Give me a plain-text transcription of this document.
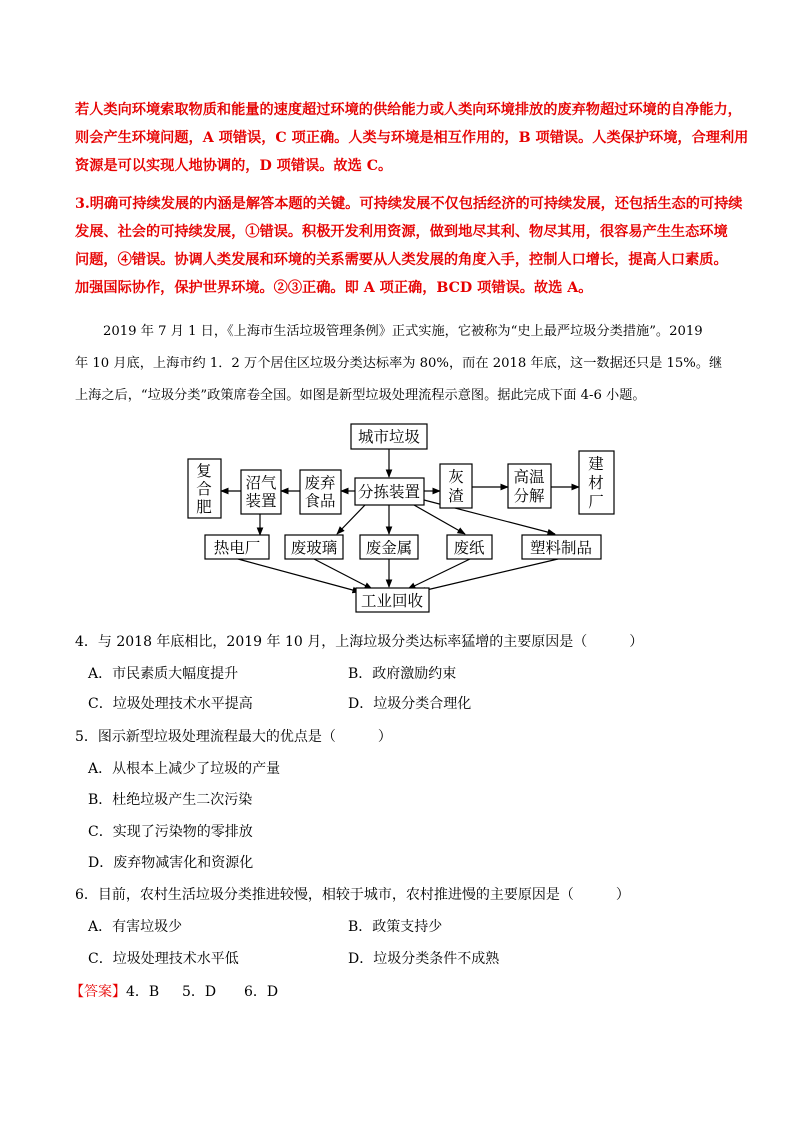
若人类向环境索取物质和能量的速度超过环境的供给能力或人类向环境排放的废弃物超过环境的自净能力，
则会产生环境问题，A 项错误，C 项正确。人类与环境是相互作用的，B 项错误。人类保护环境，合理利用
资源是可以实现人地协调的，D 项错误。故选 C。
3.明确可持续发展的内涵是解答本题的关键。可持续发展不仅包括经济的可持续发展，还包括生态的可持续
发展、社会的可持续发展，①错误。积极开发利用资源，做到地尽其利、物尽其用，很容易产生生态环境
问题，④错误。协调人类发展和环境的关系需要从人类发展的角度入手，控制人口增长，提高人口素质。
加强国际协作，保护世界环境。②③正确。即 A 项正确，BCD 项错误。故选 A。
2019 年 7 月 1 日，《上海市生活垃圾管理条例》正式实施，它被称为“史上最严垃圾分类措施”。2019
年 10 月底，上海市约 1．2 万个居住区垃圾分类达标率为 80%，而在 2018 年底，这一数据还只是 15%。继
上海之后，“垃圾分类”政策席卷全国。如图是新型垃圾处理流程示意图。据此完成下面 4-6 小题。
城市垃圾
分拣装置
废弃
食品
沼气
装置
复
合
肥
灰
渣
高温
分解
建
材
厂
热电厂 废玻璃 废金属	废纸	塑料制品
工业回收
4．与 2018 年底相比，2019 年 10 月，上海垃圾分类达标率猛增的主要原因是（　　　）
A．市民素质大幅度提升	B．政府激励约束
C．垃圾处理技术水平提高	D．垃圾分类合理化
5．图示新型垃圾处理流程最大的优点是（　　　）
A．从根本上减少了垃圾的产量
B．杜绝垃圾产生二次污染
C．实现了污染物的零排放
D．废弃物减害化和资源化
6．目前，农村生活垃圾分类推进较慢，相较于城市，农村推进慢的主要原因是（　　　）
A．有害垃圾少	B．政策支持少
C．垃圾处理技术水平低	D．垃圾分类条件不成熟
【答案】4．B 5．D 6．D
